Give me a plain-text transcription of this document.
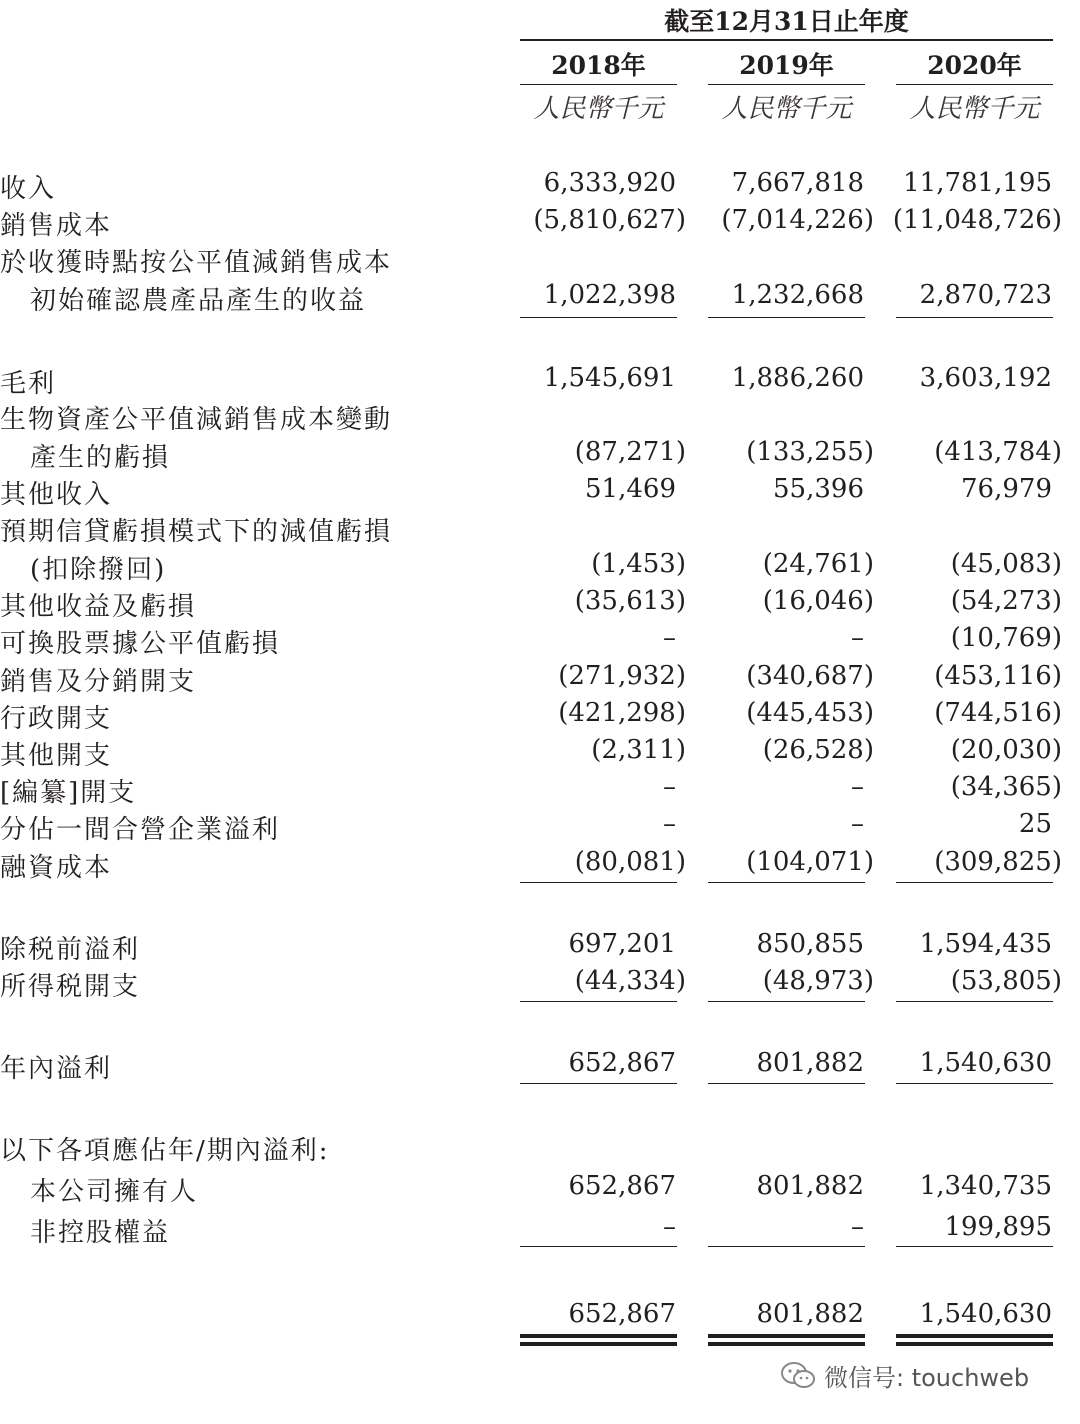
截至12月31日止年度
2018年	2019年	2020年
人民幣千元	人民幣千元	人民幣千元
收入	6,333,920	7,667,818	11,781,195
銷售成本	(5,810,627)	(7,014,226) (11,048,726)
於收獲時點按公平值減銷售成本
初始確認農產品產生的收益	1,022,398	1,232,668	2,870,723
毛利	1,545,691	1,886,260	3,603,192
生物資產公平值減銷售成本變動
產生的虧損	(87,271)	(133,255)	(413,784)
其他收入	51,469	55,396	76,979
預期信貸虧損模式下的減值虧損
(扣除撥回)	(1,453)	(24,761)	(45,083)
其他收益及虧損	(35,613)	(16,046)	(54,273)
可換股票據公平值虧損	–	–	(10,769)
銷售及分銷開支	(271,932)	(340,687)	(453,116)
行政開支	(421,298)	(445,453)	(744,516)
其他開支	(2,311)	(26,528)	(20,030)
[編纂]開支	–	–	(34,365)
分佔一間合營企業溢利	–	–	25
融資成本	(80,081)	(104,071)	(309,825)
除税前溢利	697,201	850,855	1,594,435
所得税開支	(44,334)	(48,973)	(53,805)
年內溢利	652,867	801,882	1,540,630
以下各項應佔年/期內溢利:
本公司擁有人	652,867	801,882	1,340,735
非控股權益	–	–	199,895
652,867	801,882	1,540,630
微信号: touchweb
